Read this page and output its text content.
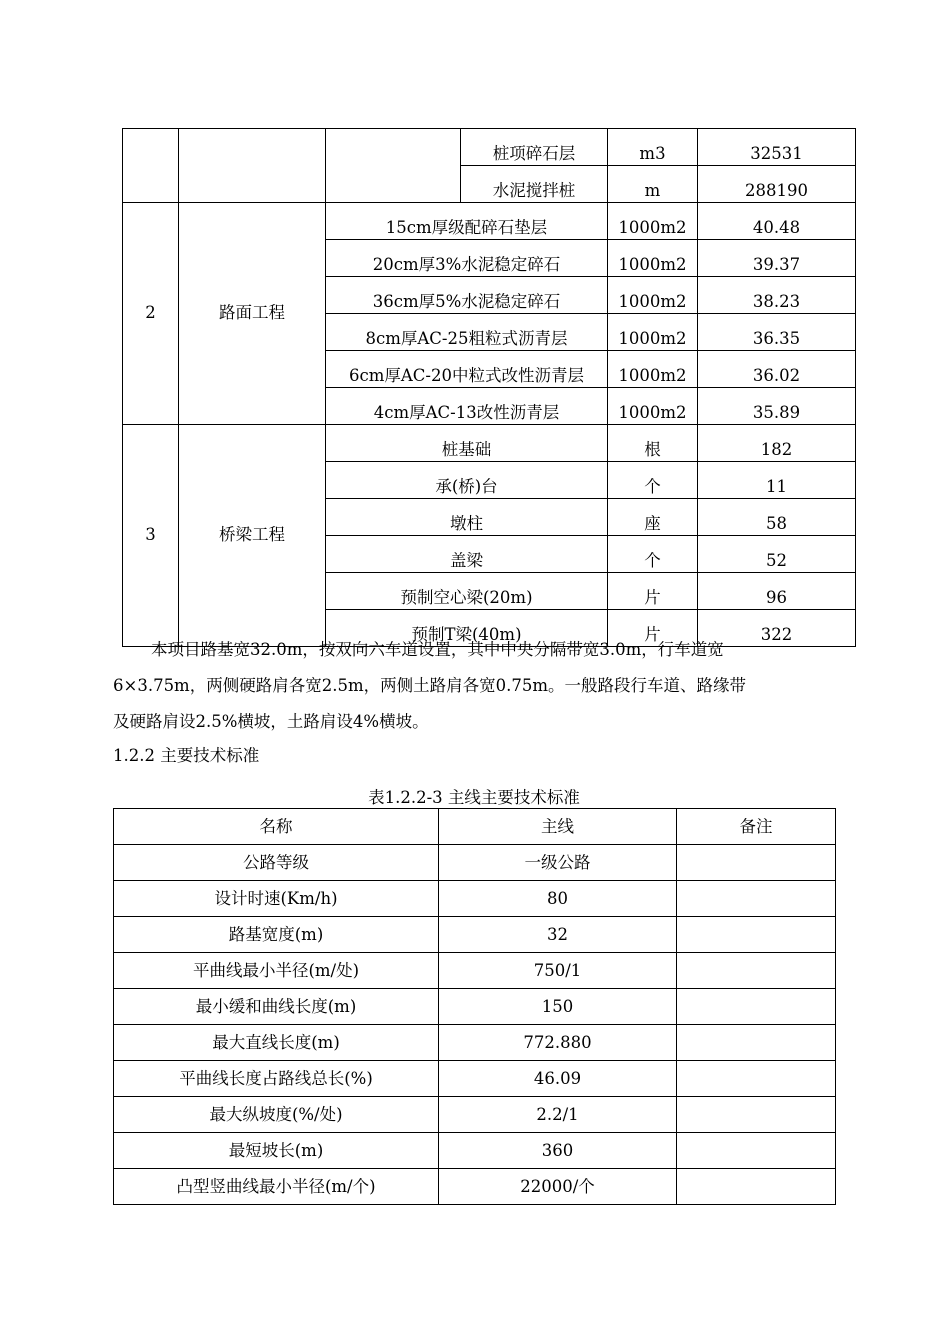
			桩项碎石层	m3	32531
			水泥搅拌桩	m	288190
2	路面工程	15cm厚级配碎石垫层		1000m2	40.48
		20cm厚3%水泥稳定碎石		1000m2	39.37
		36cm厚5%水泥稳定碎石		1000m2	38.23
		8cm厚AC-25粗粒式沥青层		1000m2	36.35
		6cm厚AC-20中粒式改性沥青层		1000m2	36.02
		4cm厚AC-13改性沥青层		1000m2	35.89
3	桥梁工程	桩基础		根	182
		承(桥)台		个	11
		墩柱		座	58
		盖梁		个	52
		预制空心梁(20m)		片	96
		预制T梁(40m)		片	322
本项目路基宽32.0m，按双向六车道设置，其中中央分隔带宽3.0m，行车道宽
6×3.75m，两侧硬路肩各宽2.5m，两侧土路肩各宽0.75m。一般路段行车道、路缘带
及硬路肩设2.5%横坡，土路肩设4%横坡。
1.2.2 主要技术标准
表1.2.2-3 主线主要技术标准
名称	主线	备注
公路等级	一级公路	
设计时速(Km/h)	80	
路基宽度(m)	32	
平曲线最小半径(m/处)	750/1	
最小缓和曲线长度(m)	150	
最大直线长度(m)	772.880	
平曲线长度占路线总长(%)	46.09	
最大纵坡度(%/处)	2.2/1	
最短坡长(m)	360	
凸型竖曲线最小半径(m/个)	22000/个	
